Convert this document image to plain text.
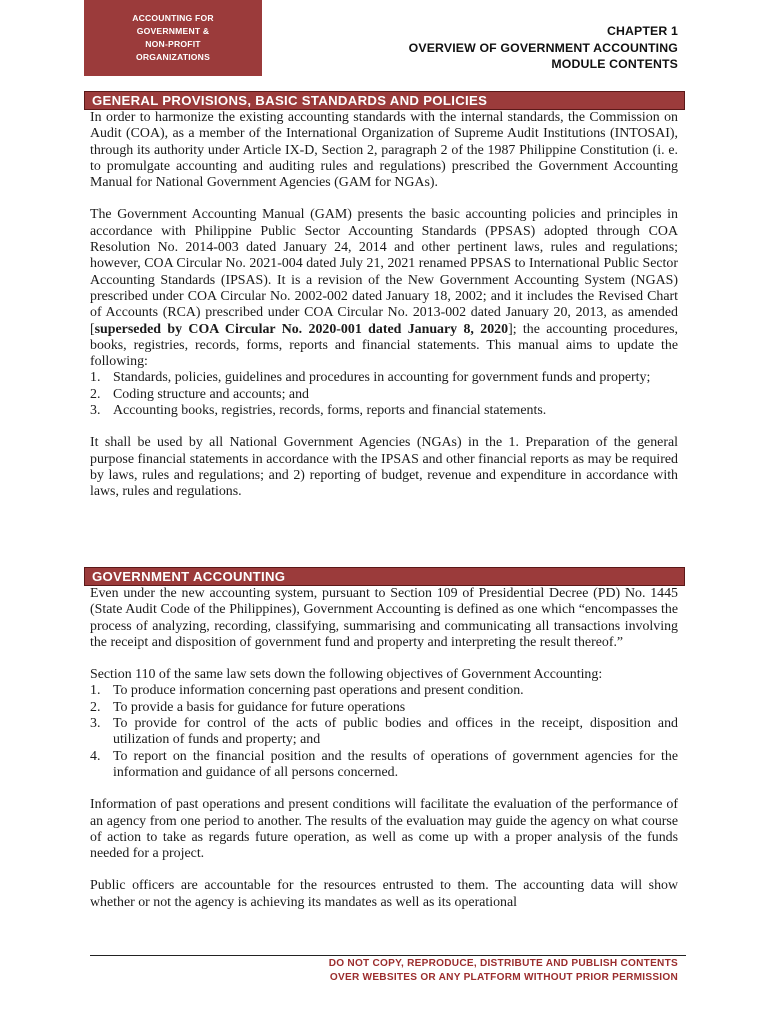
ACCOUNTING FOR
GOVERNMENT &
NON-PROFIT
ORGANIZATIONS
CHAPTER 1
OVERVIEW OF GOVERNMENT ACCOUNTING
MODULE CONTENTS
GENERAL PROVISIONS, BASIC STANDARDS AND POLICIES

In order to harmonize the existing accounting standards with the internal standards, the Commission on Audit (COA), as a member of the International Organization of Supreme Audit Institutions (INTOSAI), through its authority under Article IX-D, Section 2, paragraph 2 of the 1987 Philippine Constitution (i. e. to promulgate accounting and auditing rules and regulations) prescribed the Government Accounting Manual for National Government Agencies (GAM for NGAs).

The Government Accounting Manual (GAM) presents the basic accounting policies and principles in accordance with Philippine Public Sector Accounting Standards (PPSAS) adopted through COA Resolution No. 2014-003 dated January 24, 2014 and other pertinent laws, rules and regulations; however, COA Circular No. 2021-004 dated July 21, 2021 renamed PPSAS to International Public Sector Accounting Standards (IPSAS). It is a revision of the New Government Accounting System (NGAS) prescribed under COA Circular No. 2002-002 dated January 18, 2002; and it includes the Revised Chart of Accounts (RCA) prescribed under COA Circular No. 2013-002 dated January 20, 2013, as amended [superseded by COA Circular No. 2020-001 dated January 8, 2020]; the accounting procedures, books, registries, records, forms, reports and financial statements. This manual aims to update the following:

1. Standards, policies, guidelines and procedures in accounting for government funds and property;
2. Coding structure and accounts; and
3. Accounting books, registries, records, forms, reports and financial statements.

It shall be used by all National Government Agencies (NGAs) in the 1. Preparation of the general purpose financial statements in accordance with the IPSAS and other financial reports as may be required by laws, rules and regulations; and 2) reporting of budget, revenue and expenditure in accordance with laws, rules and regulations.

GOVERNMENT ACCOUNTING

Even under the new accounting system, pursuant to Section 109 of Presidential Decree (PD) No. 1445 (State Audit Code of the Philippines), Government Accounting is defined as one which “encompasses the process of analyzing, recording, classifying, summarising and communicating all transactions involving the receipt and disposition of government fund and property and interpreting the result thereof.”

Section 110 of the same law sets down the following objectives of Government Accounting:

1. To produce information concerning past operations and present condition.
2. To provide a basis for guidance for future operations
3. To provide for control of the acts of public bodies and offices in the receipt, disposition and utilization of funds and property; and
4. To report on the financial position and the results of operations of government agencies for the information and guidance of all persons concerned.

Information of past operations and present conditions will facilitate the evaluation of the performance of an agency from one period to another. The results of the evaluation may guide the agency on what course of action to take as regards future operation, as well as come up with a proper analysis of the funds needed for a project.

Public officers are accountable for the resources entrusted to them. The accounting data will show whether or not the agency is achieving its mandates as well as its operational

DO NOT COPY, REPRODUCE, DISTRIBUTE AND PUBLISH CONTENTS
OVER WEBSITES OR ANY PLATFORM WITHOUT PRIOR PERMISSION
